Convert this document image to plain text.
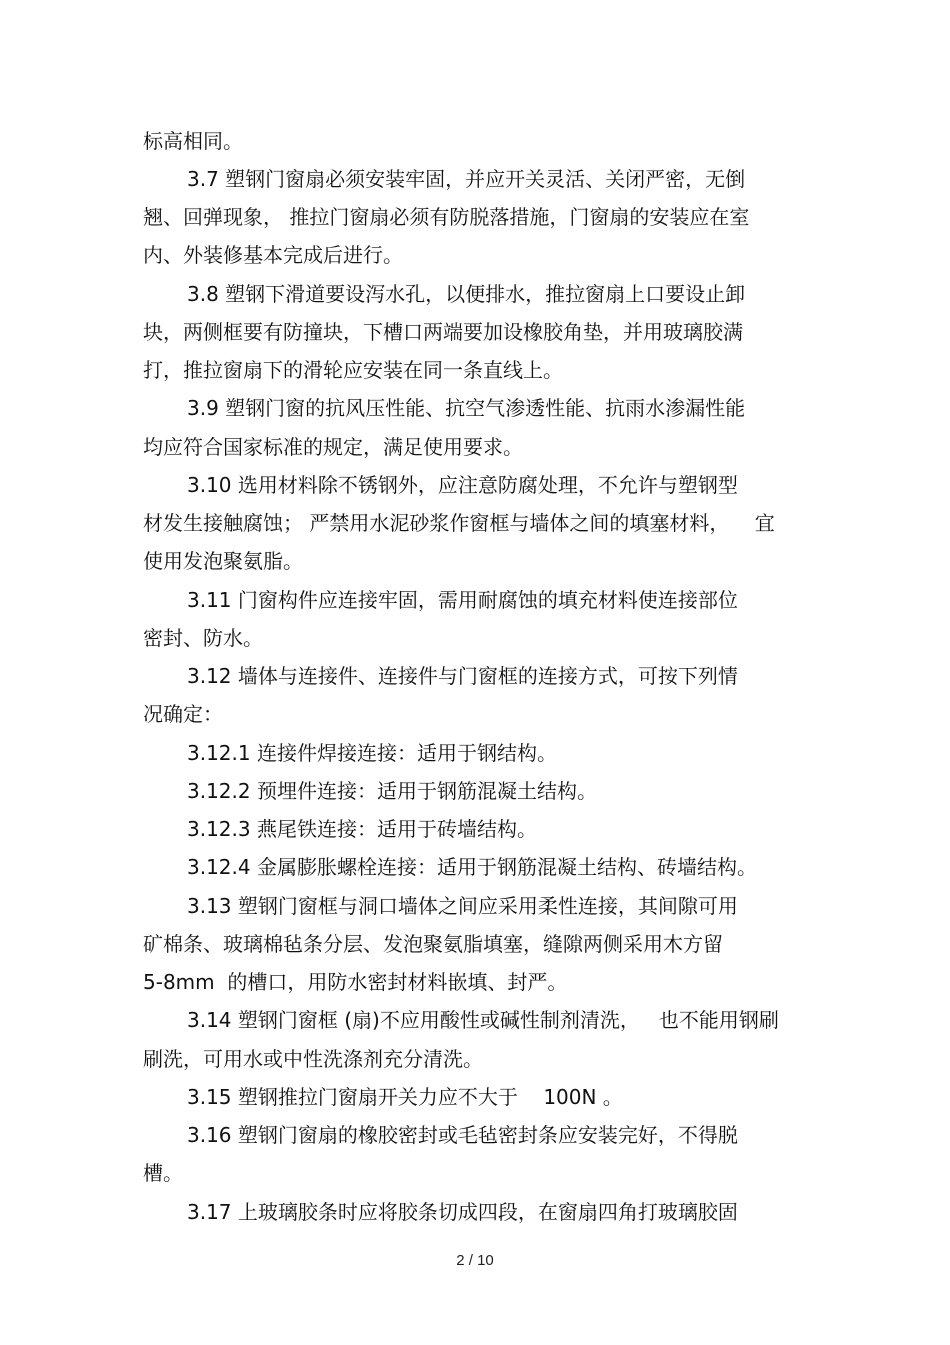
标高相同。
3.7 塑钢门窗扇必须安装牢固，并应开关灵活、关闭严密，无倒
翘、回弹现象， 推拉门窗扇必须有防脱落措施，门窗扇的安装应在室
内、外装修基本完成后进行。
3.8 塑钢下滑道要设泻水孔，以便排水，推拉窗扇上口要设止卸
块，两侧框要有防撞块，下槽口两端要加设橡胶角垫，并用玻璃胶满
打，推拉窗扇下的滑轮应安装在同一条直线上。
3.9 塑钢门窗的抗风压性能、抗空气渗透性能、抗雨水渗漏性能
均应符合国家标准的规定，满足使用要求。
3.10 选用材料除不锈钢外，应注意防腐处理，不允许与塑钢型
材发生接触腐蚀； 严禁用水泥砂浆作窗框与墙体之间的填塞材料，    宜
使用发泡聚氨脂。
3.11 门窗构件应连接牢固，需用耐腐蚀的填充材料使连接部位
密封、防水。
3.12 墙体与连接件、连接件与门窗框的连接方式，可按下列情
况确定：
3.12.1 连接件焊接连接：适用于钢结构。
3.12.2 预埋件连接：适用于钢筋混凝土结构。
3.12.3 燕尾铁连接：适用于砖墙结构。
3.12.4 金属膨胀螺栓连接：适用于钢筋混凝土结构、砖墙结构。
3.13 塑钢门窗框与洞口墙体之间应采用柔性连接，其间隙可用
矿棉条、玻璃棉毡条分层、发泡聚氨脂填塞，缝隙两侧采用木方留
5-8mm  的槽口，用防水密封材料嵌填、封严。
3.14 塑钢门窗框 (扇)不应用酸性或碱性制剂清洗，   也不能用钢刷
刷洗，可用水或中性洗涤剂充分清洗。
3.15 塑钢推拉门窗扇开关力应不大于    100N 。
3.16 塑钢门窗扇的橡胶密封或毛毡密封条应安装完好，不得脱
槽。
3.17 上玻璃胶条时应将胶条切成四段，在窗扇四角打玻璃胶固
2 / 10
